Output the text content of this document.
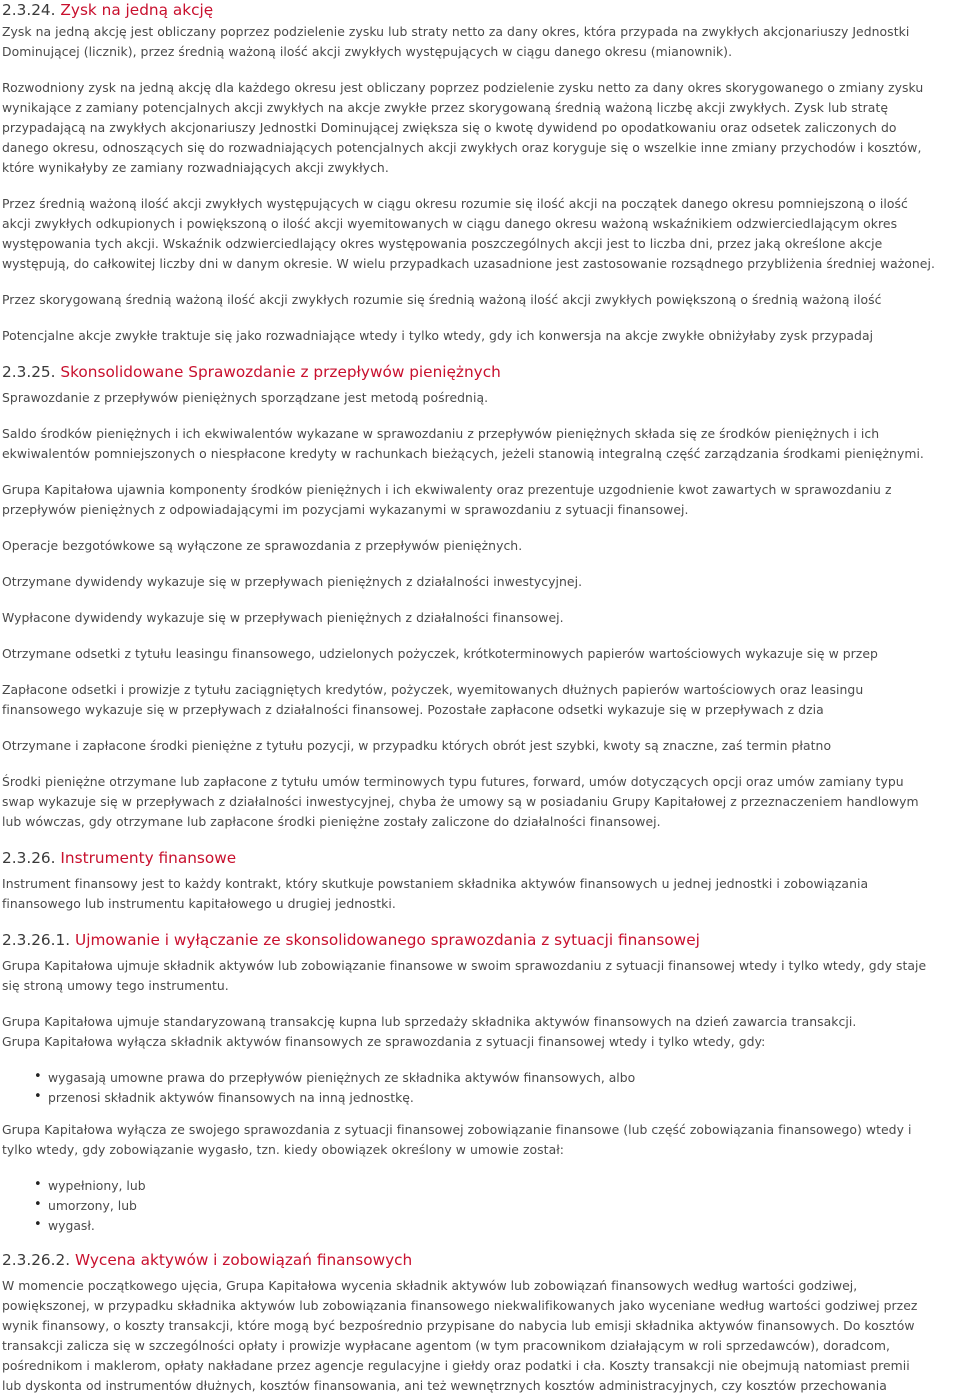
2.3.24. Zysk na jedną akcję

Zysk na jedną akcję jest obliczany poprzez podzielenie zysku lub straty netto za dany okres, która przypada na zwykłych akcjonariuszy Jednostki

Dominującej (licznik), przez średnią ważoną ilość akcji zwykłych występujących w ciągu danego okresu (mianownik).

Rozwodniony zysk na jedną akcję dla każdego okresu jest obliczany poprzez podzielenie zysku netto za dany okres skorygowanego o zmiany zysku

wynikające z zamiany potencjalnych akcji zwykłych na akcje zwykłe przez skorygowaną średnią ważoną liczbę akcji zwykłych. Zysk lub stratę

przypadającą na zwykłych akcjonariuszy Jednostki Dominującej zwiększa się o kwotę dywidend po opodatkowaniu oraz odsetek zaliczonych do

danego okresu, odnoszących się do rozwadniających potencjalnych akcji zwykłych oraz koryguje się o wszelkie inne zmiany przychodów i kosztów,

które wynikałyby ze zamiany rozwadniających akcji zwykłych.

Przez średnią ważoną ilość akcji zwykłych występujących w ciągu okresu rozumie się ilość akcji na początek danego okresu pomniejszoną o ilość

akcji zwykłych odkupionych i powiększoną o ilość akcji wyemitowanych w ciągu danego okresu ważoną wskaźnikiem odzwierciedlającym okres

występowania tych akcji. Wskaźnik odzwierciedlający okres występowania poszczególnych akcji jest to liczba dni, przez jaką określone akcje

występują, do całkowitej liczby dni w danym okresie. W wielu przypadkach uzasadnione jest zastosowanie rozsądnego przybliżenia średniej ważonej.

Przez skorygowaną średnią ważoną ilość akcji zwykłych rozumie się średnią ważoną ilość akcji zwykłych powiększoną o średnią ważoną ilość

Potencjalne akcje zwykłe traktuje się jako rozwadniające wtedy i tylko wtedy, gdy ich konwersja na akcje zwykłe obniżyłaby zysk przypadaj

2.3.25. Skonsolidowane Sprawozdanie z przepływów pieniężnych

Sprawozdanie z przepływów pieniężnych sporządzane jest metodą pośrednią.

Saldo środków pieniężnych i ich ekwiwalentów wykazane w sprawozdaniu z przepływów pieniężnych składa się ze środków pieniężnych i ich

ekwiwalentów pomniejszonych o niespłacone kredyty w rachunkach bieżących, jeżeli stanowią integralną część zarządzania środkami pieniężnymi.

Grupa Kapitałowa ujawnia komponenty środków pieniężnych i ich ekwiwalenty oraz prezentuje uzgodnienie kwot zawartych w sprawozdaniu z

przepływów pieniężnych z odpowiadającymi im pozycjami wykazanymi w sprawozdaniu z sytuacji finansowej.

Operacje bezgotówkowe są wyłączone ze sprawozdania z przepływów pieniężnych.

Otrzymane dywidendy wykazuje się w przepływach pieniężnych z działalności inwestycyjnej.

Wypłacone dywidendy wykazuje się w przepływach pieniężnych z działalności finansowej.

Otrzymane odsetki z tytułu leasingu finansowego, udzielonych pożyczek, krótkoterminowych papierów wartościowych wykazuje się w przep

Zapłacone odsetki i prowizje z tytułu zaciągniętych kredytów, pożyczek, wyemitowanych dłużnych papierów wartościowych oraz leasingu

finansowego wykazuje się w przepływach z działalności finansowej. Pozostałe zapłacone odsetki wykazuje się w przepływach z dzia

Otrzymane i zapłacone środki pieniężne z tytułu pozycji, w przypadku których obrót jest szybki, kwoty są znaczne, zaś termin płatno

Środki pieniężne otrzymane lub zapłacone z tytułu umów terminowych typu futures, forward, umów dotyczących opcji oraz umów zamiany typu

swap wykazuje się w przepływach z działalności inwestycyjnej, chyba że umowy są w posiadaniu Grupy Kapitałowej z przeznaczeniem handlowym

lub wówczas, gdy otrzymane lub zapłacone środki pieniężne zostały zaliczone do działalności finansowej.

2.3.26. Instrumenty finansowe

Instrument finansowy jest to każdy kontrakt, który skutkuje powstaniem składnika aktywów finansowych u jednej jednostki i zobowiązania

finansowego lub instrumentu kapitałowego u drugiej jednostki.

2.3.26.1. Ujmowanie i wyłączanie ze skonsolidowanego sprawozdania z sytuacji finansowej

Grupa Kapitałowa ujmuje składnik aktywów lub zobowiązanie finansowe w swoim sprawozdaniu z sytuacji finansowej wtedy i tylko wtedy, gdy staje

się stroną umowy tego instrumentu.

Grupa Kapitałowa ujmuje standaryzowaną transakcję kupna lub sprzedaży składnika aktywów finansowych na dzień zawarcia transakcji.

Grupa Kapitałowa wyłącza składnik aktywów finansowych ze sprawozdania z sytuacji finansowej wtedy i tylko wtedy, gdy:

• wygasają umowne prawa do przepływów pieniężnych ze składnika aktywów finansowych, albo

• przenosi składnik aktywów finansowych na inną jednostkę.

Grupa Kapitałowa wyłącza ze swojego sprawozdania z sytuacji finansowej zobowiązanie finansowe (lub część zobowiązania finansowego) wtedy i

tylko wtedy, gdy zobowiązanie wygasło, tzn. kiedy obowiązek określony w umowie został:

• wypełniony, lub

• umorzony, lub

• wygasł.

2.3.26.2. Wycena aktywów i zobowiązań finansowych

W momencie początkowego ujęcia, Grupa Kapitałowa wycenia składnik aktywów lub zobowiązań finansowych według wartości godziwej,

powiększonej, w przypadku składnika aktywów lub zobowiązania finansowego niekwalifikowanych jako wyceniane według wartości godziwej przez

wynik finansowy, o koszty transakcji, które mogą być bezpośrednio przypisane do nabycia lub emisji składnika aktywów finansowych. Do kosztów

transakcji zalicza się w szczególności opłaty i prowizje wypłacane agentom (w tym pracownikom działającym w roli sprzedawców), doradcom,

pośrednikom i maklerom, opłaty nakładane przez agencje regulacyjne i giełdy oraz podatki i cła. Koszty transakcji nie obejmują natomiast premii

lub dyskonta od instrumentów dłużnych, kosztów finansowania, ani też wewnętrznych kosztów administracyjnych, czy kosztów przechowania
